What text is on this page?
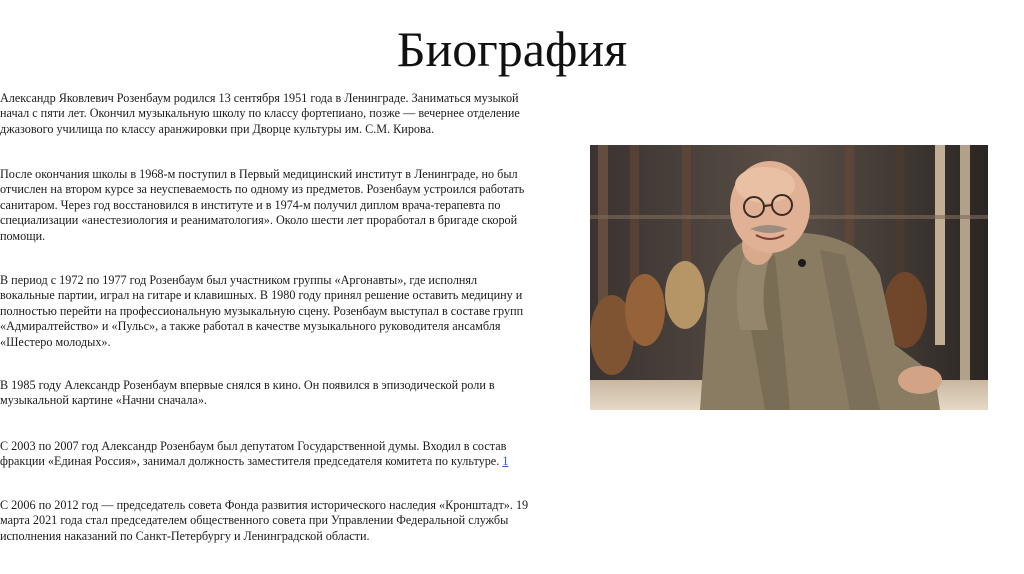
Биография
Александр Яковлевич Розенбаум родился 13 сентября 1951 года в Ленинграде. Заниматься музыкой
начал с пяти лет. Окончил музыкальную школу по классу фортепиано, позже — вечернее отделение
джазового училища по классу аранжировки при Дворце культуры им. С.М. Кирова.
После окончания школы в 1968-м поступил в Первый медицинский институт в Ленинграде, но был
отчислен на втором курсе за неуспеваемость по одному из предметов. Розенбаум устроился работать
санитаром. Через год восстановился в институте и в 1974-м получил диплом врача-терапевта по
специализации «анестезиология и реаниматология». Около шести лет проработал в бригаде скорой
помощи.
В период с 1972 по 1977 год Розенбаум был участником группы «Аргонавты», где исполнял
вокальные партии, играл на гитаре и клавишных. В 1980 году принял решение оставить медицину и
полностью перейти на профессиональную музыкальную сцену. Розенбаум выступал в составе групп
«Адмиралтейство» и «Пульс», а также работал в качестве музыкального руководителя ансамбля
«Шестеро молодых».
В 1985 году Александр Розенбаум впервые снялся в кино. Он появился в эпизодической роли в
музыкальной картине «Начни сначала».
С 2003 по 2007 год Александр Розенбаум был депутатом Государственной думы. Входил в состав
фракции «Единая Россия», занимал должность заместителя председателя комитета по культуре. 1
С 2006 по 2012 год — председатель совета Фонда развития исторического наследия «Кронштадт». 19
марта 2021 года стал председателем общественного совета при Управлении Федеральной службы
исполнения наказаний по Санкт-Петербургу и Ленинградской области.
